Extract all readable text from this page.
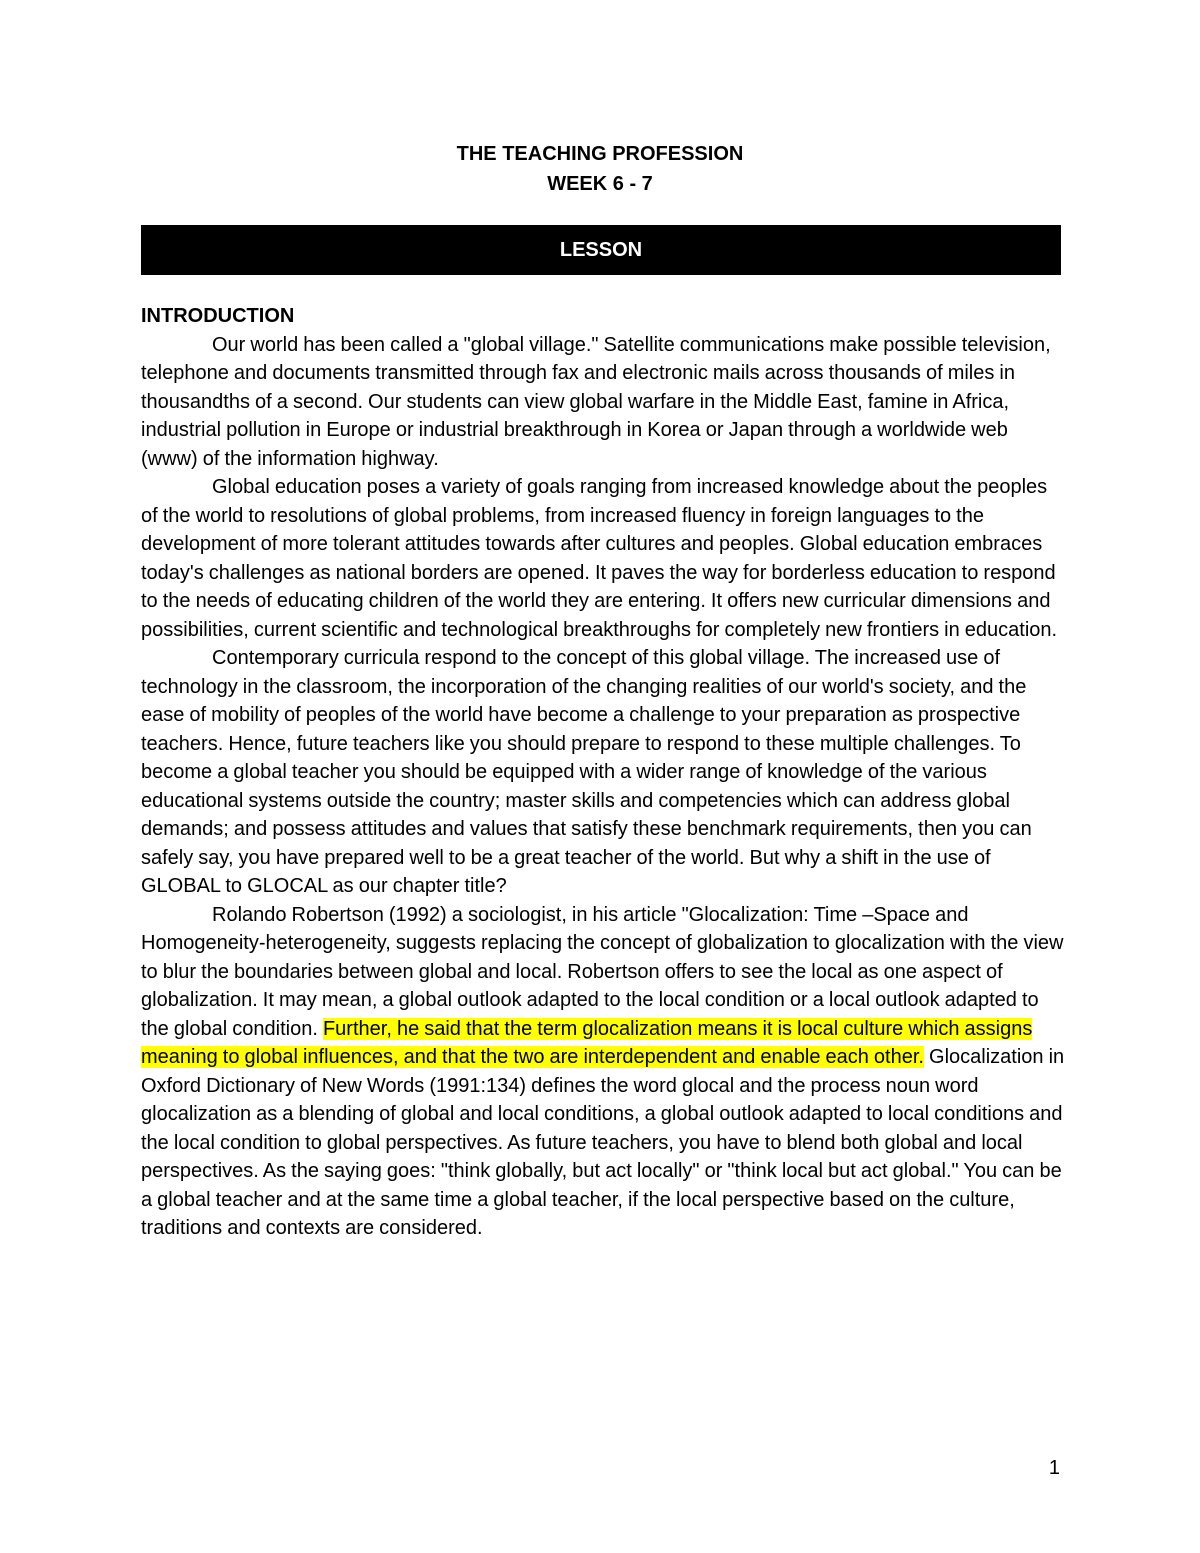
THE TEACHING PROFESSION
WEEK 6 - 7
LESSON

INTRODUCTION

Our world has been called a "global village." Satellite communications make possible television, telephone and documents transmitted through fax and electronic mails across thousands of miles in thousandths of a second. Our students can view global warfare in the Middle East, famine in Africa, industrial pollution in Europe or industrial breakthrough in Korea or Japan through a worldwide web (www) of the information highway.

Global education poses a variety of goals ranging from increased knowledge about the peoples of the world to resolutions of global problems, from increased fluency in foreign languages to the development of more tolerant attitudes towards after cultures and peoples. Global education embraces today's challenges as national borders are opened. It paves the way for borderless education to respond to the needs of educating children of the world they are entering. It offers new curricular dimensions and possibilities, current scientific and technological breakthroughs for completely new frontiers in education.

Contemporary curricula respond to the concept of this global village. The increased use of technology in the classroom, the incorporation of the changing realities of our world's society, and the ease of mobility of peoples of the world have become a challenge to your preparation as prospective teachers. Hence, future teachers like you should prepare to respond to these multiple challenges. To become a global teacher you should be equipped with a wider range of knowledge of the various educational systems outside the country; master skills and competencies which can address global demands; and possess attitudes and values that satisfy these benchmark requirements, then you can safely say, you have prepared well to be a great teacher of the world. But why a shift in the use of GLOBAL to GLOCAL as our chapter title?

Rolando Robertson (1992) a sociologist, in his article "Glocalization: Time –Space and Homogeneity-heterogeneity, suggests replacing the concept of globalization to glocalization with the view to blur the boundaries between global and local. Robertson offers to see the local as one aspect of globalization. It may mean, a global outlook adapted to the local condition or a local outlook adapted to the global condition. Further, he said that the term glocalization means it is local culture which assigns meaning to global influences, and that the two are interdependent and enable each other. Glocalization in Oxford Dictionary of New Words (1991:134) defines the word glocal and the process noun word glocalization as a blending of global and local conditions, a global outlook adapted to local conditions and the local condition to global perspectives. As future teachers, you have to blend both global and local perspectives. As the saying goes: "think globally, but act locally" or "think local but act global." You can be a global teacher and at the same time a global teacher, if the local perspective based on the culture, traditions and contexts are considered.

1
